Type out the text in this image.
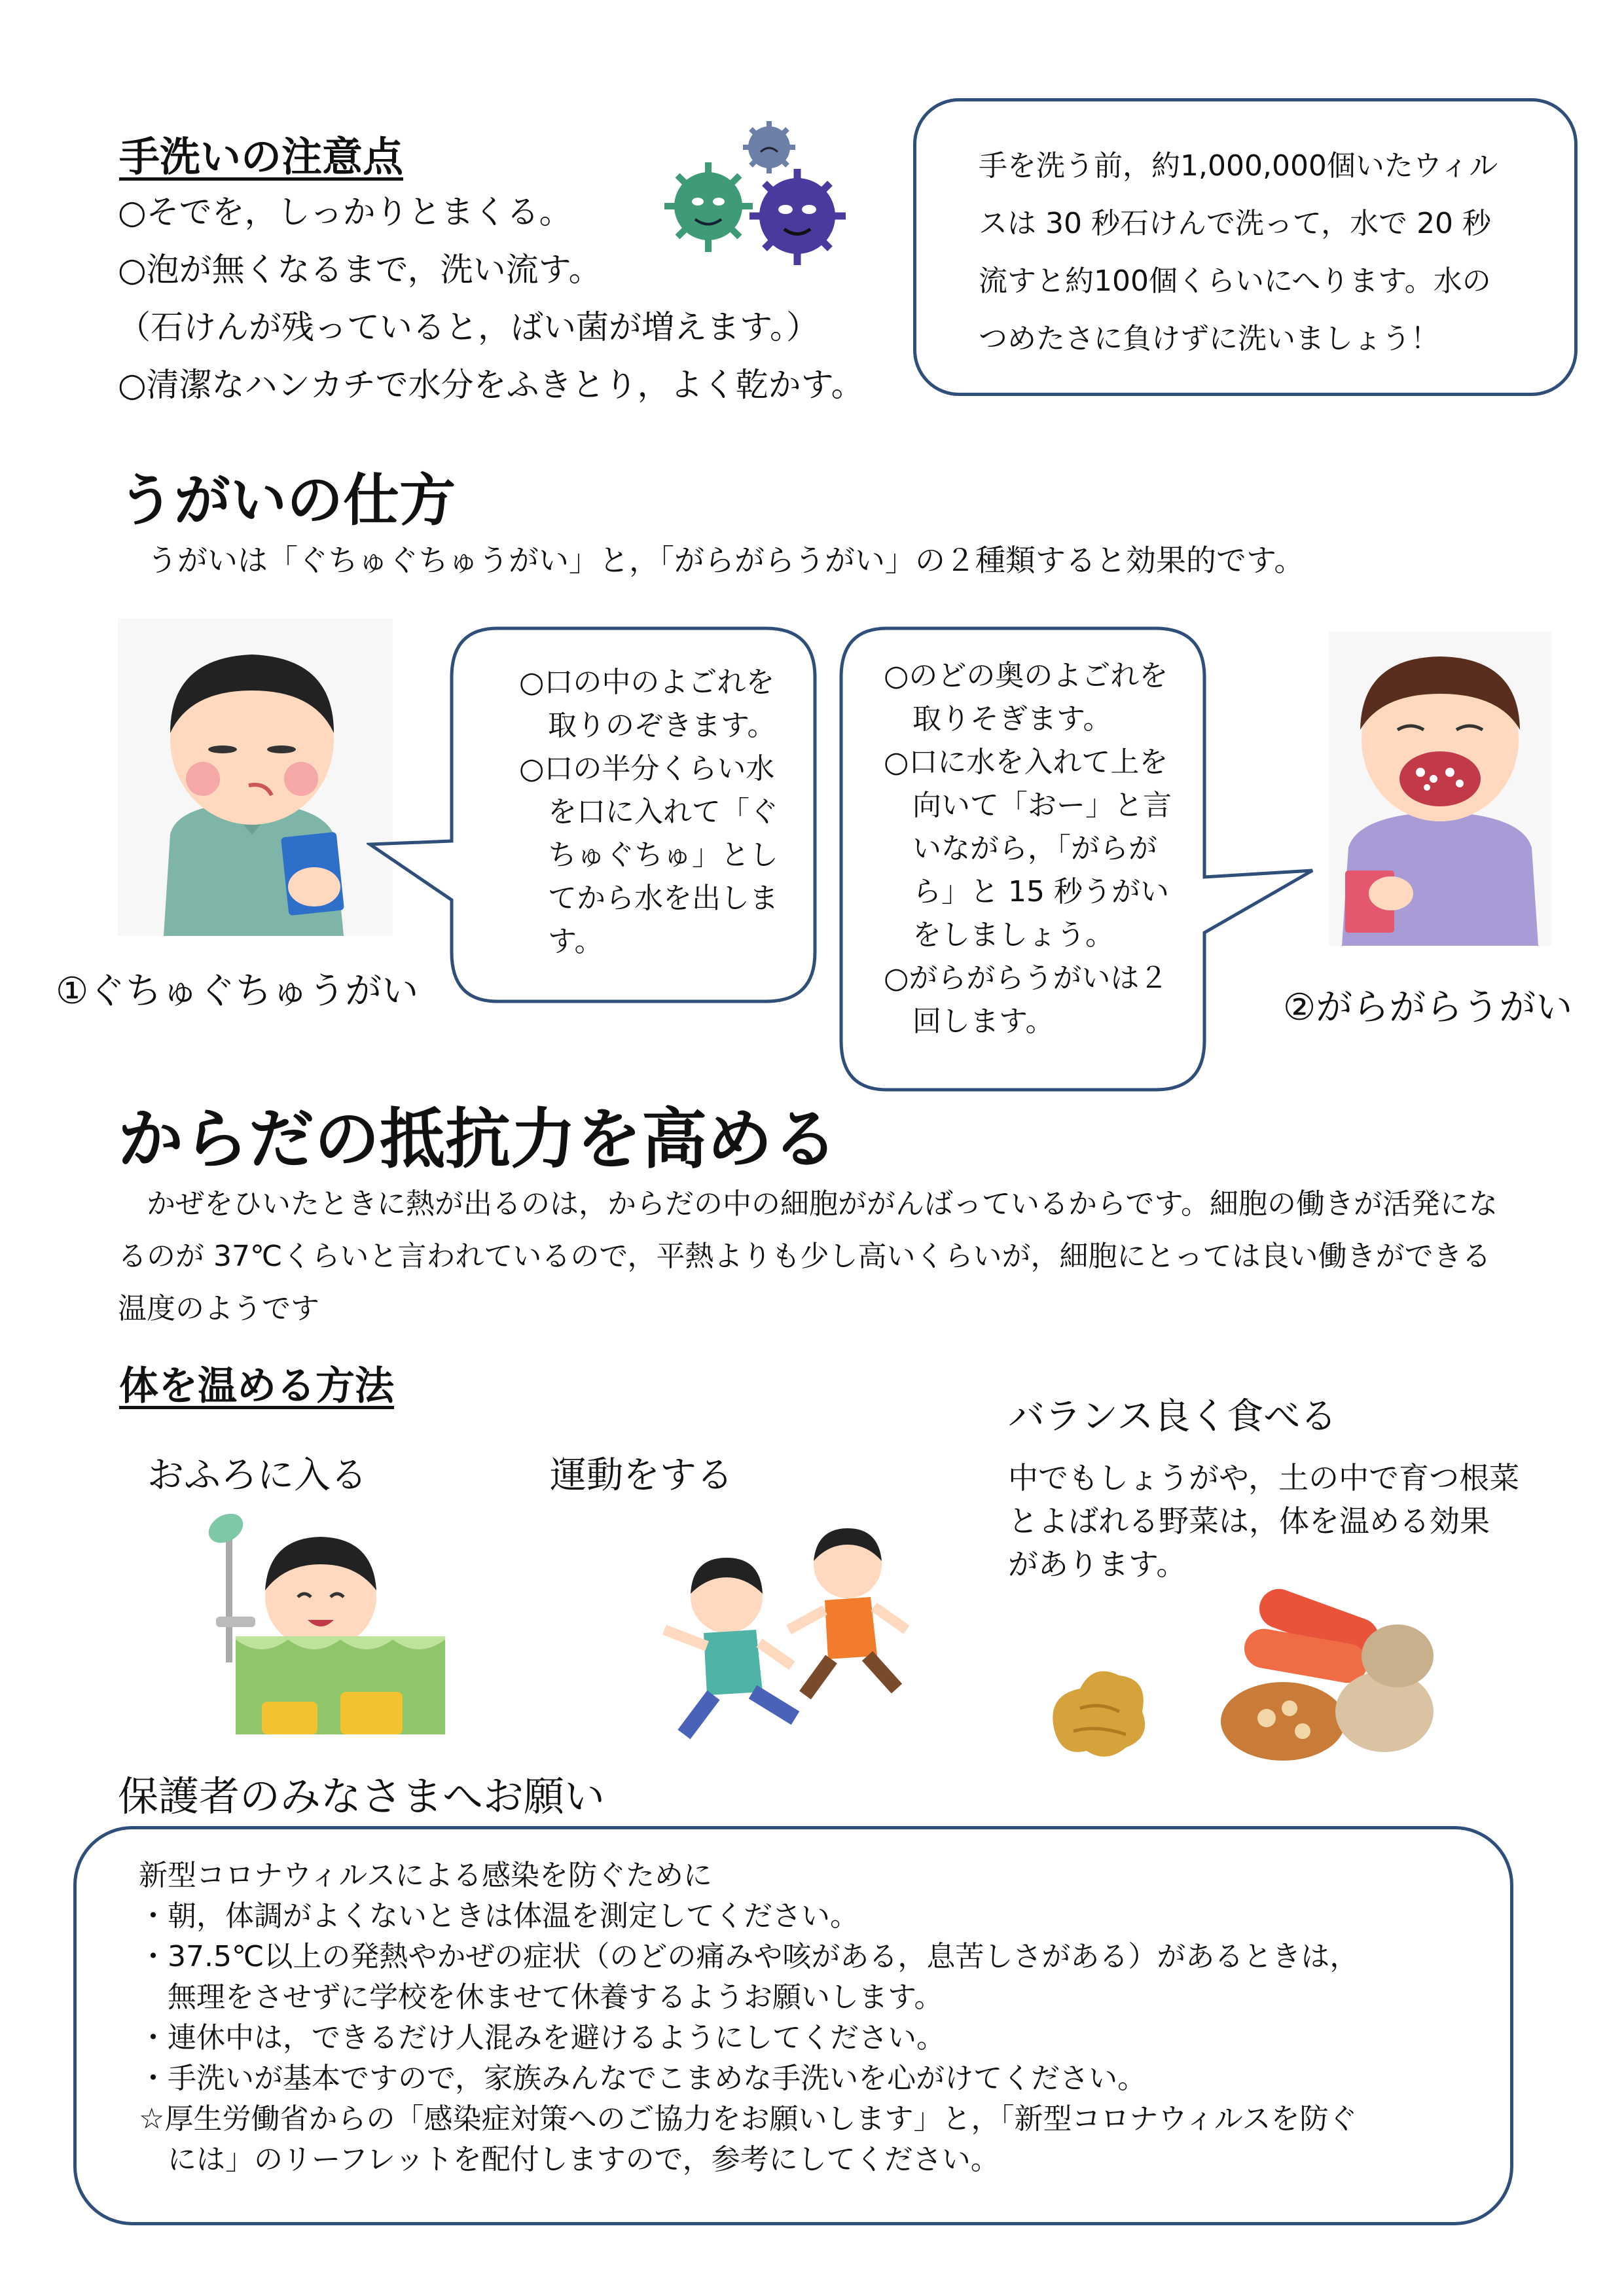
手洗いの注意点
○そでを，しっかりとまくる。
○泡が無くなるまで，洗い流す。
（石けんが残っていると，ばい菌が増えます。）
○清潔なハンカチで水分をふきとり，よく乾かす。
手を洗う前，約1,000,000個いたウィル
スは 30 秒石けんで洗って，水で 20 秒
流すと約100個くらいにへります。水の
つめたさに負けずに洗いましょう！
うがいの仕方
うがいは「ぐちゅぐちゅうがい」と，「がらがらうがい」の２種類すると効果的です。
○口の中のよごれを
　取りのぞきます。
○口の半分くらい水
　を口に入れて「ぐ
　ちゅぐちゅ」とし
　てから水を出しま
　す。
○のどの奥のよごれを
　取りそぎます。
○口に水を入れて上を
　向いて「おー」と言
　いながら，「がらが
　ら」と 15 秒うがい
　をしましょう。
○がらがらうがいは２
　回します。
①ぐちゅぐちゅうがい	②がらがらうがい
からだの抵抗力を高める
　かぜをひいたときに熱が出るのは，からだの中の細胞ががんばっているからです。細胞の働きが活発にな
るのが 37℃くらいと言われているので，平熱よりも少し高いくらいが，細胞にとっては良い働きができる
温度のようです
体を温める方法
おふろに入る	運動をする
バランス良く食べる
中でもしょうがや，土の中で育つ根菜
とよばれる野菜は，体を温める効果
があります。
保護者のみなさまへお願い
新型コロナウィルスによる感染を防ぐために
・朝，体調がよくないときは体温を測定してください。
・37.5℃以上の発熱やかぜの症状（のどの痛みや咳がある，息苦しさがある）があるときは，
　無理をさせずに学校を休ませて休養するようお願いします。
・連休中は，できるだけ人混みを避けるようにしてください。
・手洗いが基本ですので，家族みんなでこまめな手洗いを心がけてください。
☆厚生労働省からの「感染症対策へのご協力をお願いします」と，「新型コロナウィルスを防ぐ
　には」のリーフレットを配付しますので，参考にしてください。
